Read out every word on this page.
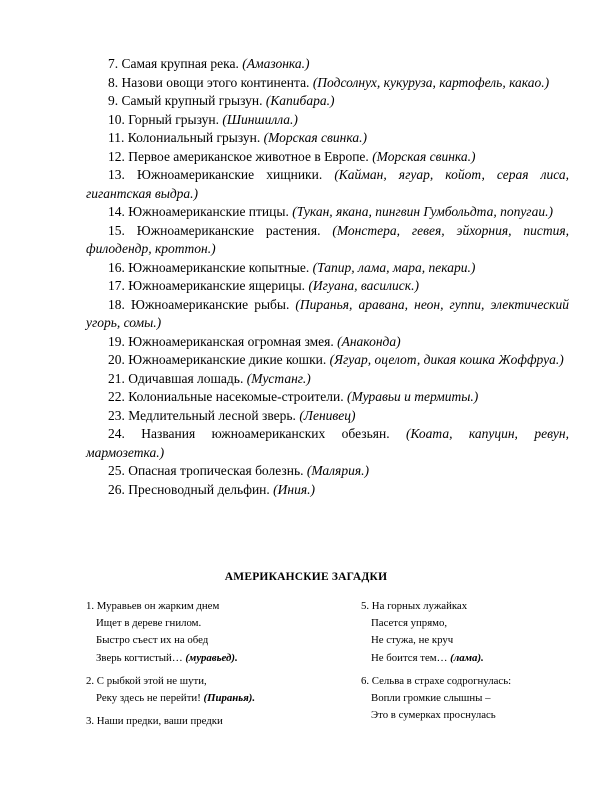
7. Самая крупная река. (Амазонка.)

8. Назови овощи этого континента. (Подсолнух, кукуруза, картофель, какао.)

9. Самый крупный грызун. (Капибара.)

10. Горный грызун. (Шиншилла.)

11. Колониальный грызун. (Морская свинка.)

12. Первое американское животное в Европе. (Морская свинка.)

13. Южноамериканские хищники. (Кайман, ягуар, койот, серая лиса, гигантская выдра.)

14. Южноамериканские птицы. (Тукан, якана, пингвин Гумбольдта, попугаи.)

15. Южноамериканские растения. (Монстера, гевея, эйхорния, пистия, филодендр, кроттон.)

16. Южноамериканские копытные. (Тапир, лама, мара, пекари.)

17. Южноамериканские ящерицы. (Игуана, василиск.)

18. Южноамериканские рыбы. (Пиранья, аравана, неон, гуппи, электический угорь, сомы.)

19. Южноамериканская огромная змея. (Анаконда)

20. Южноамериканские дикие кошки. (Ягуар, оцелот, дикая кошка Жоффруа.)

21. Одичавшая лошадь. (Мустанг.)

22. Колониальные насекомые-строители. (Муравьи и термиты.)

23. Медлительный лесной зверь. (Ленивец)

24. Названия южноамериканских обезьян. (Коата, капуцин, ревун, мармозетка.)

25. Опасная тропическая болезнь. (Малярия.)

26. Пресноводный дельфин. (Иния.)

АМЕРИКАНСКИЕ ЗАГАДКИ
1. Муравьев он жарким днем
Ищет в дереве гнилом.
Быстро съест их на обед
Зверь когтистый… (муравьед).
2. С рыбкой этой не шути,
Реку здесь не перейти! (Пиранья).
3. Наши предки, ваши предки
5. На горных лужайках
Пасется упрямо,
Не стужа, не круч
Не боится тем… (лама).
6. Сельва в страхе содрогнулась:
Вопли громкие слышны –
Это в сумерках проснулась
